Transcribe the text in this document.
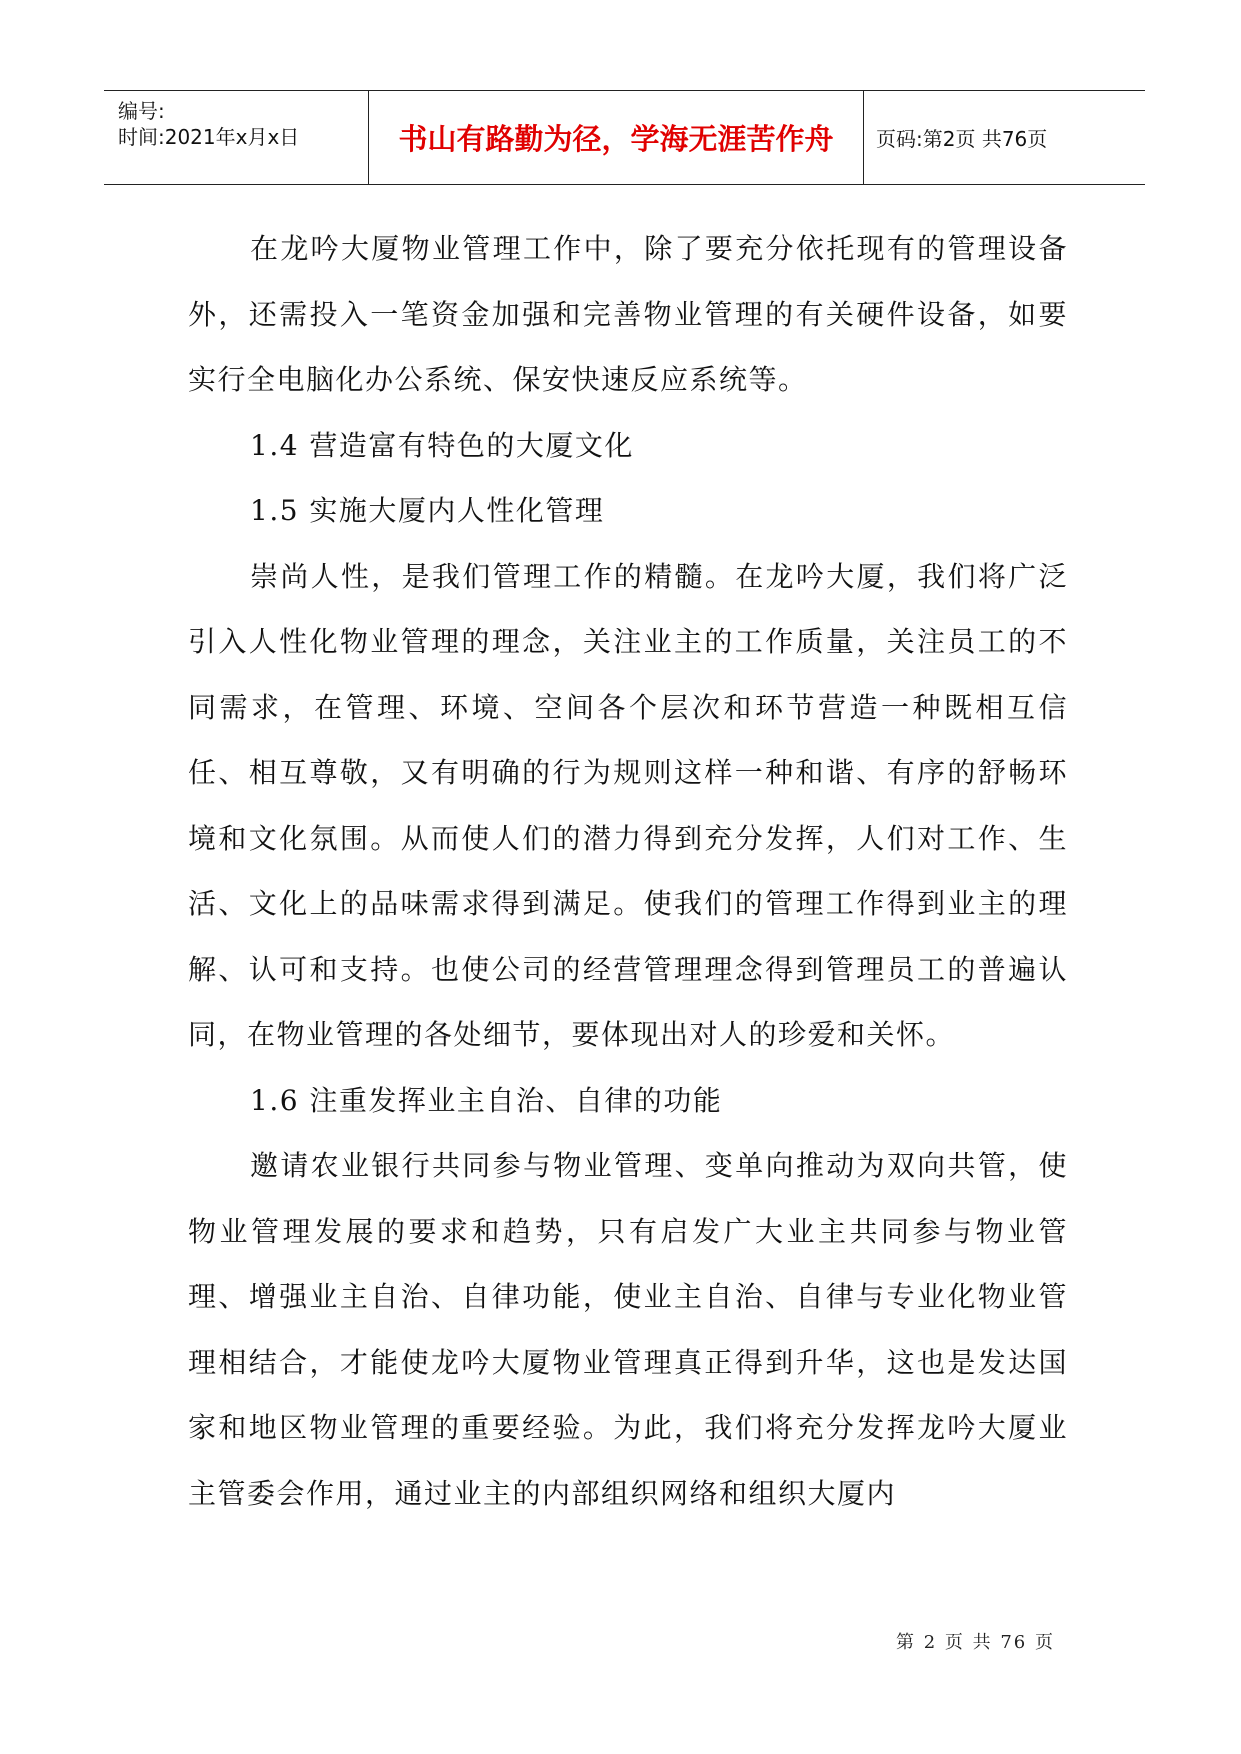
编号:
时间:2021年x月x日	书山有路勤为径，学海无涯苦作舟 页码:第2页 共76页

在龙吟大厦物业管理工作中，除了要充分依托现有的管理设备外，还需投入一笔资金加强和完善物业管理的有关硬件设备，如要实行全电脑化办公系统、保安快速反应系统等。

1.4 营造富有特色的大厦文化

1.5 实施大厦内人性化管理

崇尚人性，是我们管理工作的精髓。在龙吟大厦，我们将广泛引入人性化物业管理的理念，关注业主的工作质量，关注员工的不同需求，在管理、环境、空间各个层次和环节营造一种既相互信任、相互尊敬，又有明确的行为规则这样一种和谐、有序的舒畅环境和文化氛围。从而使人们的潜力得到充分发挥，人们对工作、生活、文化上的品味需求得到满足。使我们的管理工作得到业主的理解、认可和支持。也使公司的经营管理理念得到管理员工的普遍认同，在物业管理的各处细节，要体现出对人的珍爱和关怀。

1.6 注重发挥业主自治、自律的功能

邀请农业银行共同参与物业管理、变单向推动为双向共管，使物业管理发展的要求和趋势，只有启发广大业主共同参与物业管理、增强业主自治、自律功能，使业主自治、自律与专业化物业管理相结合，才能使龙吟大厦物业管理真正得到升华，这也是发达国家和地区物业管理的重要经验。为此，我们将充分发挥龙吟大厦业主管委会作用，通过业主的内部组织网络和组织大厦内

第 2 页 共 76 页
